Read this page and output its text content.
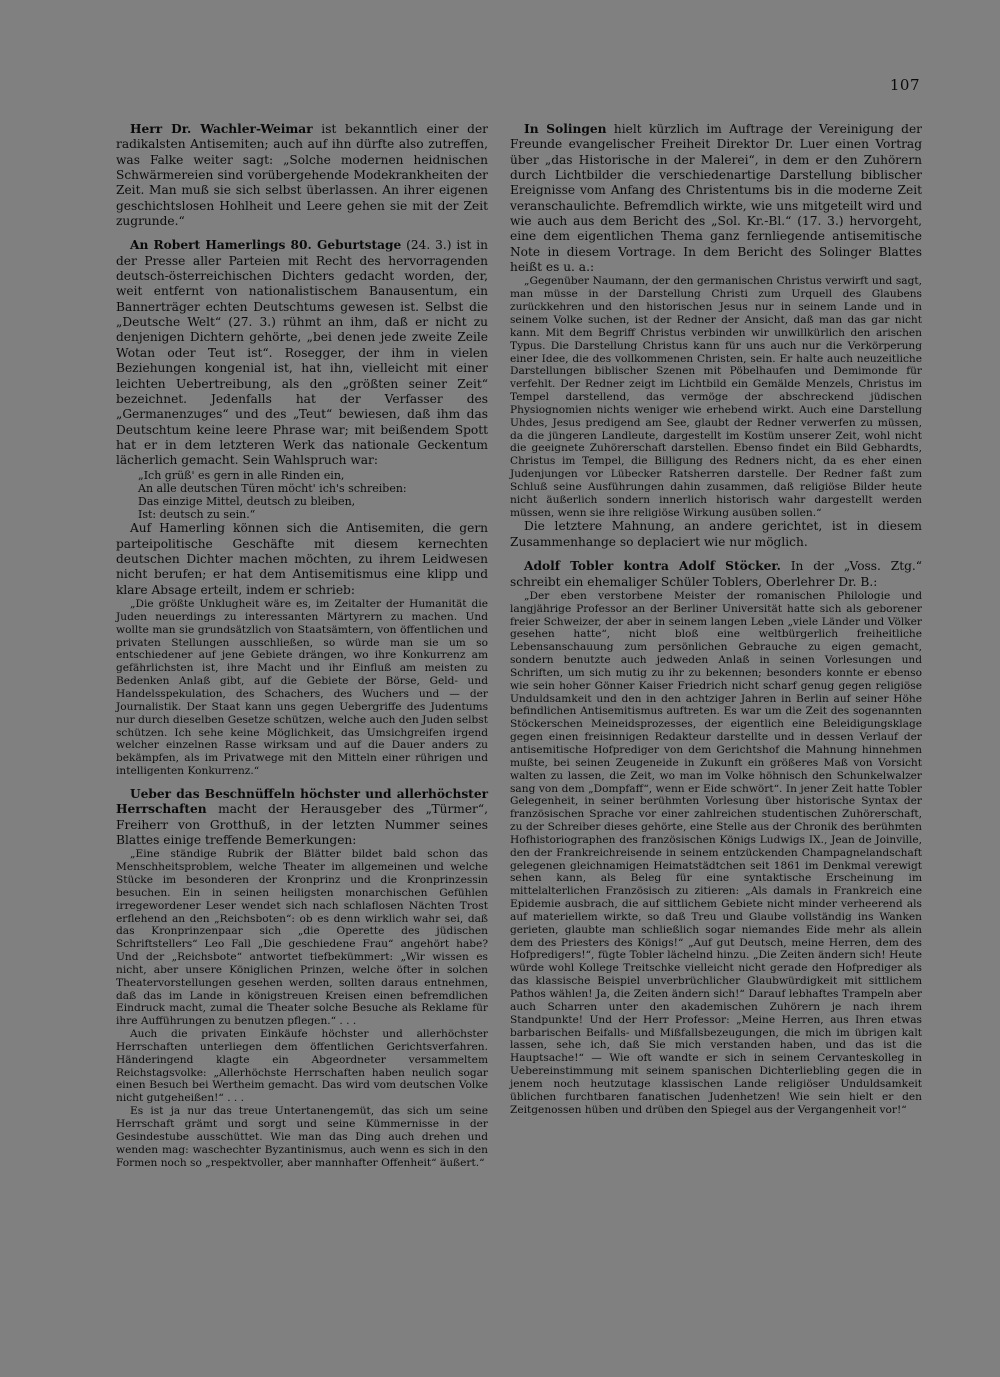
107

Herr Dr. Wachler-Weimar ist bekanntlich einer der radikalsten Antisemiten; auch auf ihn dürfte also zutreffen, was Falke weiter sagt: „Solche modernen heidnischen Schwärmereien sind vorübergehende Modekrankheiten der Zeit. Man muß sie sich selbst überlassen. An ihrer eigenen geschichtslosen Hohlheit und Leere gehen sie mit der Zeit zugrunde.“

An Robert Hamerlings 80. Geburtstage (24. 3.) ist in der Presse aller Parteien mit Recht des hervorragenden deutsch-österreichischen Dichters gedacht worden, der, weit entfernt von nationalistischem Banausentum, ein Bannerträger echten Deutschtums gewesen ist. Selbst die „Deutsche Welt“ (27. 3.) rühmt an ihm, daß er nicht zu denjenigen Dichtern gehörte, „bei denen jede zweite Zeile Wotan oder Teut ist“. Rosegger, der ihm in vielen Beziehungen kongenial ist, hat ihn, vielleicht mit einer leichten Uebertreibung, als den „größten seiner Zeit“ bezeichnet. Jedenfalls hat der Verfasser des „Germanenzuges“ und des „Teut“ bewiesen, daß ihm das Deutschtum keine leere Phrase war; mit beißendem Spott hat er in dem letzteren Werk das nationale Geckentum lächerlich gemacht. Sein Wahlspruch war:

„Ich grüß' es gern in alle Rinden ein,
An alle deutschen Türen möcht' ich's schreiben:
Das einzige Mittel, deutsch zu bleiben,
Ist: deutsch zu sein.“

Auf Hamerling können sich die Antisemiten, die gern parteipolitische Geschäfte mit diesem kernechten deutschen Dichter machen möchten, zu ihrem Leidwesen nicht berufen; er hat dem Antisemitismus eine klipp und klare Absage erteilt, indem er schrieb:

„Die größte Unklugheit wäre es, im Zeitalter der Humanität die Juden neuerdings zu interessanten Märtyrern zu machen. Und wollte man sie grundsätzlich von Staatsämtern, von öffentlichen und privaten Stellungen ausschließen, so würde man sie um so entschiedener auf jene Gebiete drängen, wo ihre Konkurrenz am gefährlichsten ist, ihre Macht und ihr Einfluß am meisten zu Bedenken Anlaß gibt, auf die Gebiete der Börse, Geld- und Handelsspekulation, des Schachers, des Wuchers und — der Journalistik. Der Staat kann uns gegen Uebergriffe des Judentums nur durch dieselben Gesetze schützen, welche auch den Juden selbst schützen. Ich sehe keine Möglichkeit, das Umsichgreifen irgend welcher einzelnen Rasse wirksam und auf die Dauer anders zu bekämpfen, als im Privatwege mit den Mitteln einer rührigen und intelligenten Konkurrenz.“

Ueber das Beschnüffeln höchster und allerhöchster Herrschaften macht der Herausgeber des „Türmer“, Freiherr von Grotthuß, in der letzten Nummer seines Blattes einige treffende Bemerkungen:

„Eine ständige Rubrik der Blätter bildet bald schon das Menschheitsproblem, welche Theater im allgemeinen und welche Stücke im besonderen der Kronprinz und die Kronprinzessin besuchen. Ein in seinen heiligsten monarchischen Gefühlen irregewordener Leser wendet sich nach schlaflosen Nächten Trost erflehend an den „Reichsboten“: ob es denn wirklich wahr sei, daß das Kronprinzenpaar sich „die Operette des jüdischen Schriftstellers“ Leo Fall „Die geschiedene Frau“ angehört habe? Und der „Reichsbote“ antwortet tiefbekümmert: „Wir wissen es nicht, aber unsere Königlichen Prinzen, welche öfter in solchen Theatervorstellungen gesehen werden, sollten daraus entnehmen, daß das im Lande in königstreuen Kreisen einen befremdlichen Eindruck macht, zumal die Theater solche Besuche als Reklame für ihre Aufführungen zu benutzen pflegen.“ . . .

Auch die privaten Einkäufe höchster und allerhöchster Herrschaften unterliegen dem öffentlichen Gerichtsverfahren. Händeringend klagte ein Abgeordneter versammeltem Reichstagsvolke: „Allerhöchste Herrschaften haben neulich sogar einen Besuch bei Wertheim gemacht. Das wird vom deutschen Volke nicht gutgeheißen!“ . . .

Es ist ja nur das treue Untertanengemüt, das sich um seine Herrschaft grämt und sorgt und seine Kümmernisse in der Gesindestube ausschüttet. Wie man das Ding auch drehen und wenden mag: waschechter Byzantinismus, auch wenn es sich in den Formen noch so „respektvoller, aber mannhafter Offenheit“ äußert.“

In Solingen hielt kürzlich im Auftrage der Vereinigung der Freunde evangelischer Freiheit Direktor Dr. Luer einen Vortrag über „das Historische in der Malerei“, in dem er den Zuhörern durch Lichtbilder die verschiedenartige Darstellung biblischer Ereignisse vom Anfang des Christentums bis in die moderne Zeit veranschaulichte. Befremdlich wirkte, wie uns mitgeteilt wird und wie auch aus dem Bericht des „Sol. Kr.-Bl.“ (17. 3.) hervorgeht, eine dem eigentlichen Thema ganz fernliegende antisemitische Note in diesem Vortrage. In dem Bericht des Solinger Blattes heißt es u. a.:

„Gegenüber Naumann, der den germanischen Christus verwirft und sagt, man müsse in der Darstellung Christi zum Urquell des Glaubens zurückkehren und den historischen Jesus nur in seinem Lande und in seinem Volke suchen, ist der Redner der Ansicht, daß man das gar nicht kann. Mit dem Begriff Christus verbinden wir unwillkürlich den arischen Typus. Die Darstellung Christus kann für uns auch nur die Verkörperung einer Idee, die des vollkommenen Christen, sein. Er halte auch neuzeitliche Darstellungen biblischer Szenen mit Pöbelhaufen und Demimonde für verfehlt. Der Redner zeigt im Lichtbild ein Gemälde Menzels, Christus im Tempel darstellend, das vermöge der abschreckend jüdischen Physiognomien nichts weniger wie erhebend wirkt. Auch eine Darstellung Uhdes, Jesus predigend am See, glaubt der Redner verwerfen zu müssen, da die jüngeren Landleute, dargestellt im Kostüm unserer Zeit, wohl nicht die geeignete Zuhörerschaft darstellen. Ebenso findet ein Bild Gebhardts, Christus im Tempel, die Billigung des Redners nicht, da es eher einen Judenjungen vor Lübecker Ratsherren darstelle. Der Redner faßt zum Schluß seine Ausführungen dahin zusammen, daß religiöse Bilder heute nicht äußerlich sondern innerlich historisch wahr dargestellt werden müssen, wenn sie ihre religiöse Wirkung ausüben sollen.“

Die letztere Mahnung, an andere gerichtet, ist in diesem Zusammenhange so deplaciert wie nur möglich.

Adolf Tobler kontra Adolf Stöcker. In der „Voss. Ztg.“ schreibt ein ehemaliger Schüler Toblers, Oberlehrer Dr. B.:

„Der eben verstorbene Meister der romanischen Philologie und langjährige Professor an der Berliner Universität hatte sich als geborener freier Schweizer, der aber in seinem langen Leben „viele Länder und Völker gesehen hatte“, nicht bloß eine weltbürgerlich freiheitliche Lebensanschauung zum persönlichen Gebrauche zu eigen gemacht, sondern benutzte auch jedweden Anlaß in seinen Vorlesungen und Schriften, um sich mutig zu ihr zu bekennen; besonders konnte er ebenso wie sein hoher Gönner Kaiser Friedrich nicht scharf genug gegen religiöse Unduldsamkeit und den in den achtziger Jahren in Berlin auf seiner Höhe befindlichen Antisemitismus auftreten. Es war um die Zeit des sogenannten Stöckerschen Meineidsprozesses, der eigentlich eine Beleidigungsklage gegen einen freisinnigen Redakteur darstellte und in dessen Verlauf der antisemitische Hofprediger von dem Gerichtshof die Mahnung hinnehmen mußte, bei seinen Zeugeneide in Zukunft ein größeres Maß von Vorsicht walten zu lassen, die Zeit, wo man im Volke höhnisch den Schunkelwalzer sang von dem „Dompfaff“, wenn er Eide schwört“. In jener Zeit hatte Tobler Gelegenheit, in seiner berühmten Vorlesung über historische Syntax der französischen Sprache vor einer zahlreichen studentischen Zuhörerschaft, zu der Schreiber dieses gehörte, eine Stelle aus der Chronik des berühmten Hofhistoriographen des französischen Königs Ludwigs IX., Jean de Joinville, den der Frankreichreisende in seinem entzückenden Champagnelandschaft gelegenen gleichnamigen Heimatstädtchen seit 1861 im Denkmal verewigt sehen kann, als Beleg für eine syntaktische Erscheinung im mittelalterlichen Französisch zu zitieren: „Als damals in Frankreich eine Epidemie ausbrach, die auf sittlichem Gebiete nicht minder verheerend als auf materiellem wirkte, so daß Treu und Glaube vollständig ins Wanken gerieten, glaubte man schließlich sogar niemandes Eide mehr als allein dem des Priesters des Königs!“ „Auf gut Deutsch, meine Herren, dem des Hofpredigers!“, fügte Tobler lächelnd hinzu. „Die Zeiten ändern sich! Heute würde wohl Kollege Treitschke vielleicht nicht gerade den Hofprediger als das klassische Beispiel unverbrüchlicher Glaubwürdigkeit mit sittlichem Pathos wählen! Ja, die Zeiten ändern sich!“ Darauf lebhaftes Trampeln aber auch Scharren unter den akademischen Zuhörern je nach ihrem Standpunkte! Und der Herr Professor: „Meine Herren, aus Ihren etwas barbarischen Beifalls- und Mißfallsbezeugungen, die mich im übrigen kalt lassen, sehe ich, daß Sie mich verstanden haben, und das ist die Hauptsache!“ — Wie oft wandte er sich in seinem Cervanteskolleg in Uebereinstimmung mit seinem spanischen Dichterliebling gegen die in jenem noch heutzutage klassischen Lande religiöser Unduldsamkeit üblichen furchtbaren fanatischen Judenhetzen! Wie sein hielt er den Zeitgenossen hüben und drüben den Spiegel aus der Vergangenheit vor!“
